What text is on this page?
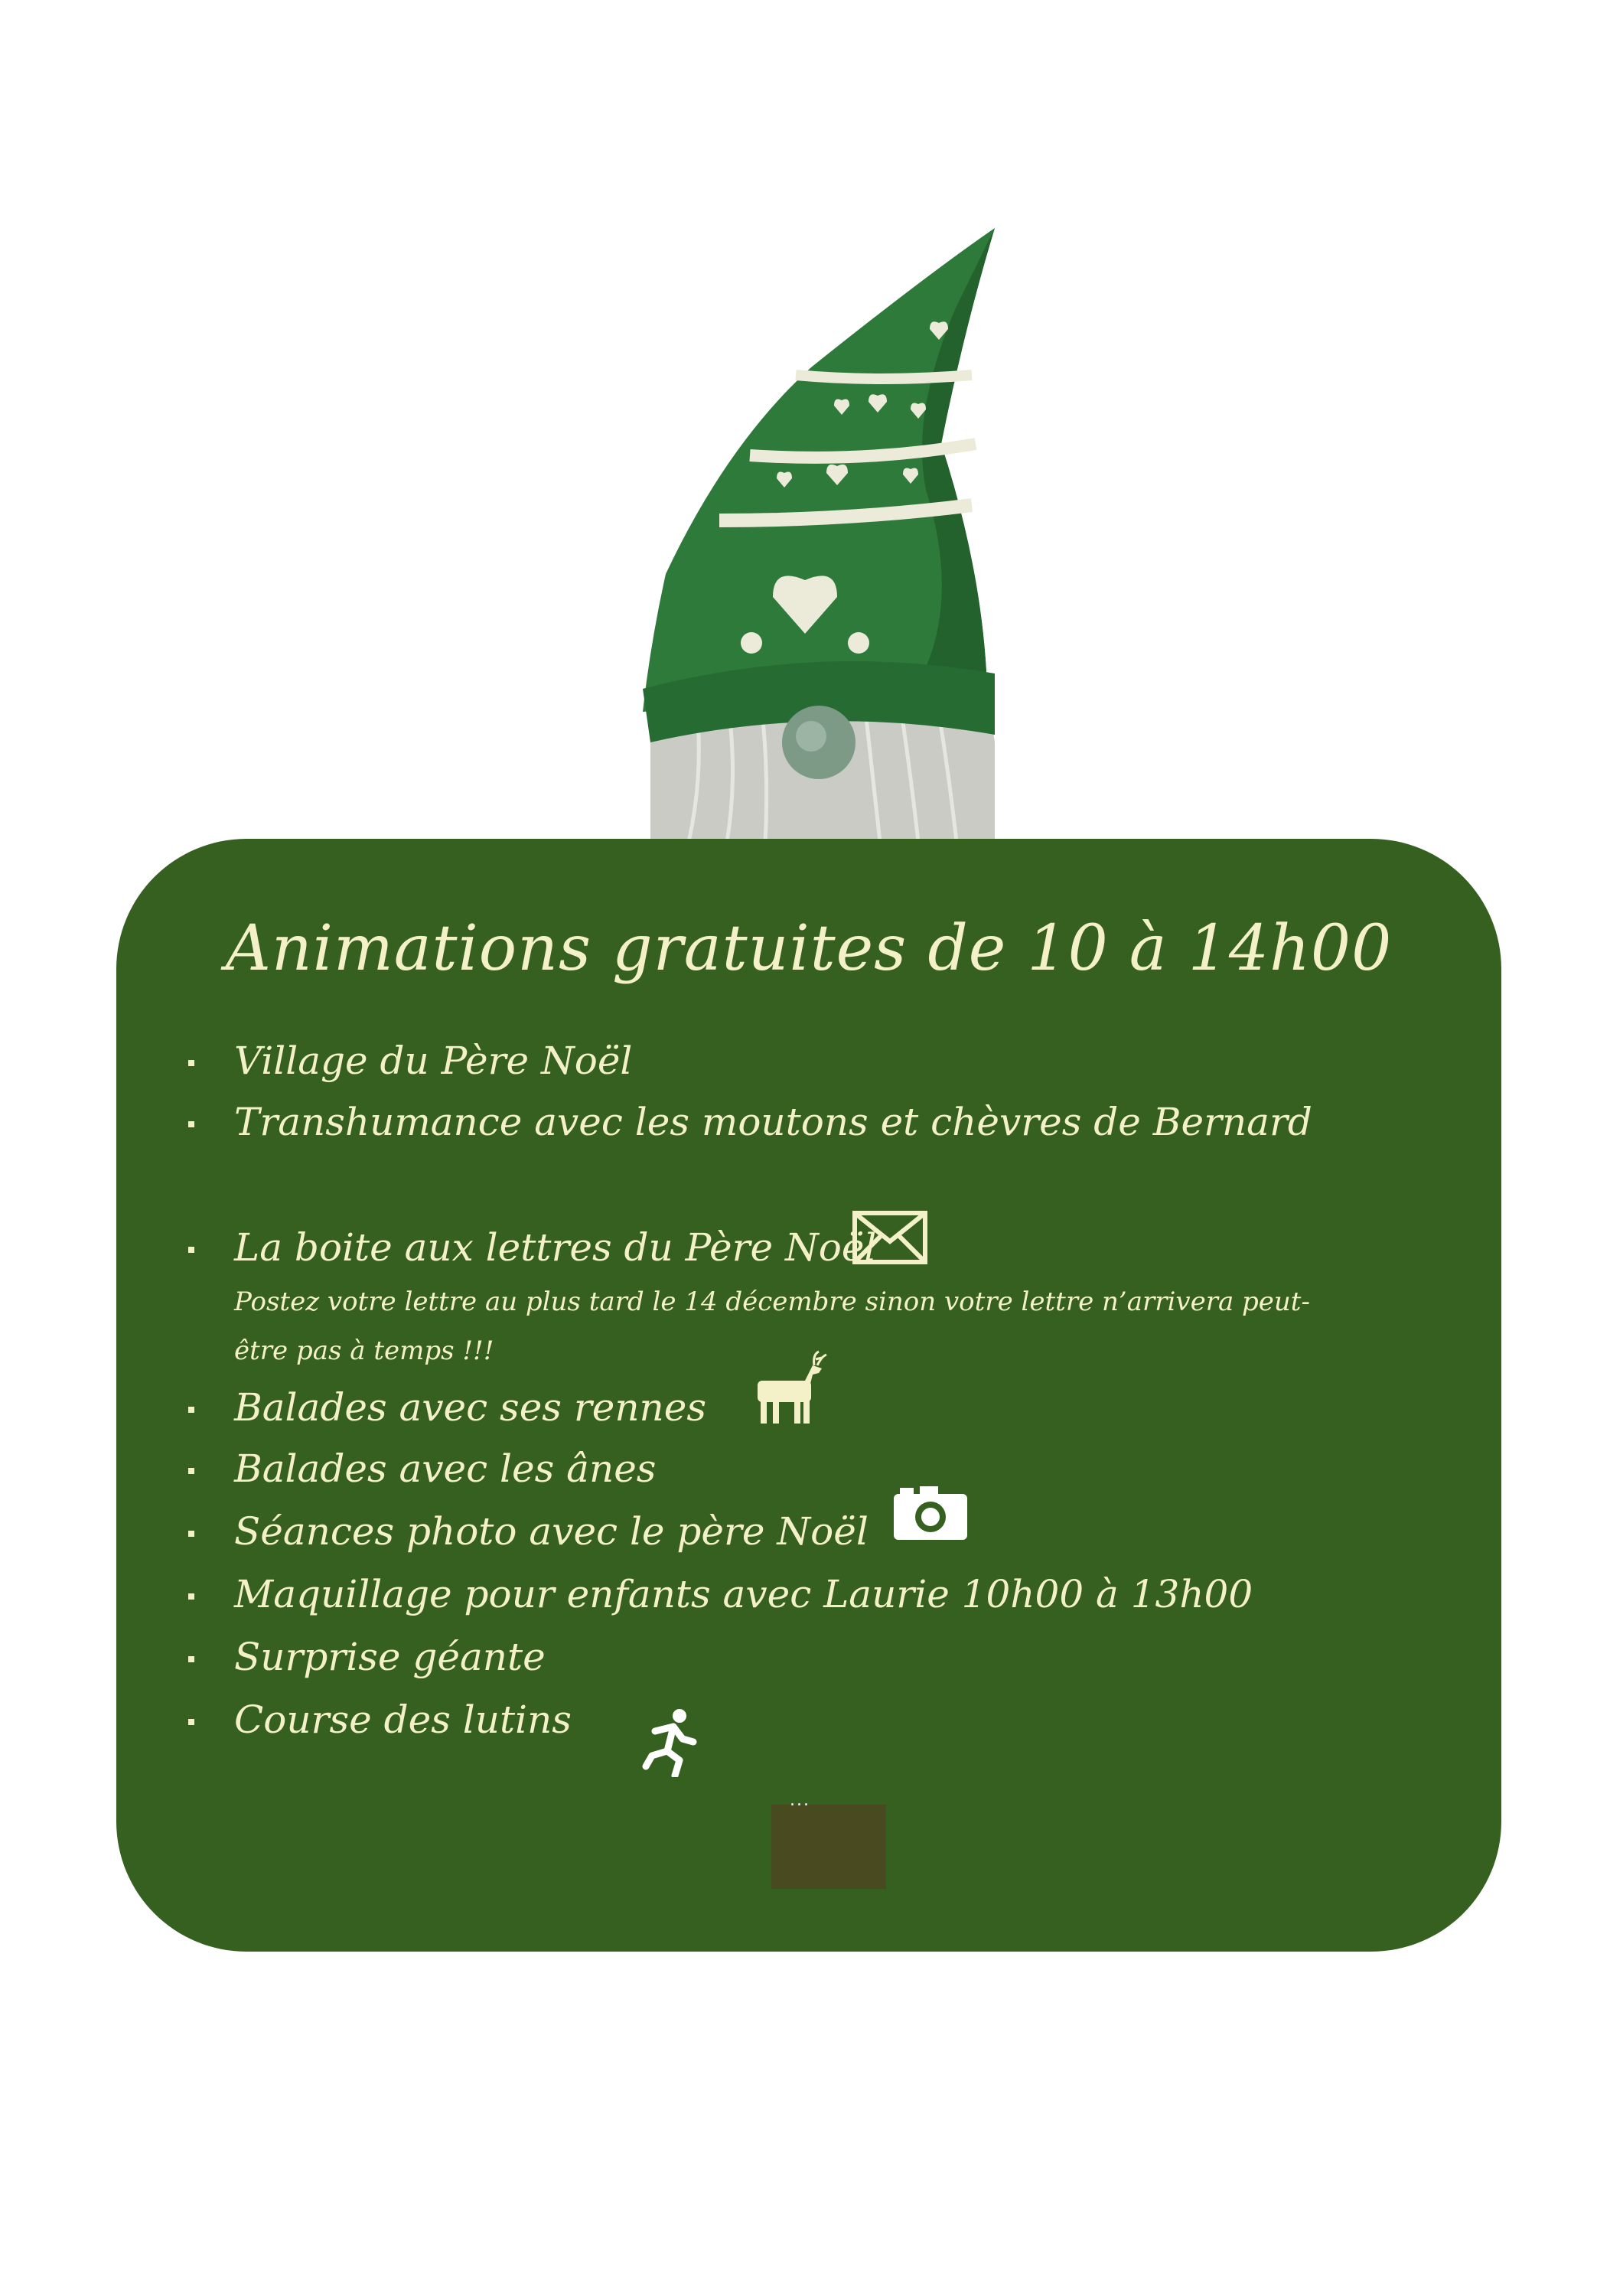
Animations gratuites de 10 à 14h00
Village du Père Noël
Transhumance avec les moutons et chèvres de Bernard
La boite aux lettres du Père Noël
Postez votre lettre au plus tard le 14 décembre sinon votre lettre n’arrivera peut-
être pas à temps !!!
Balades avec ses rennes
Balades avec les ânes
Séances photo avec le père Noël
Maquillage pour enfants avec Laurie 10h00 à 13h00
Surprise géante
Course des lutins
...
